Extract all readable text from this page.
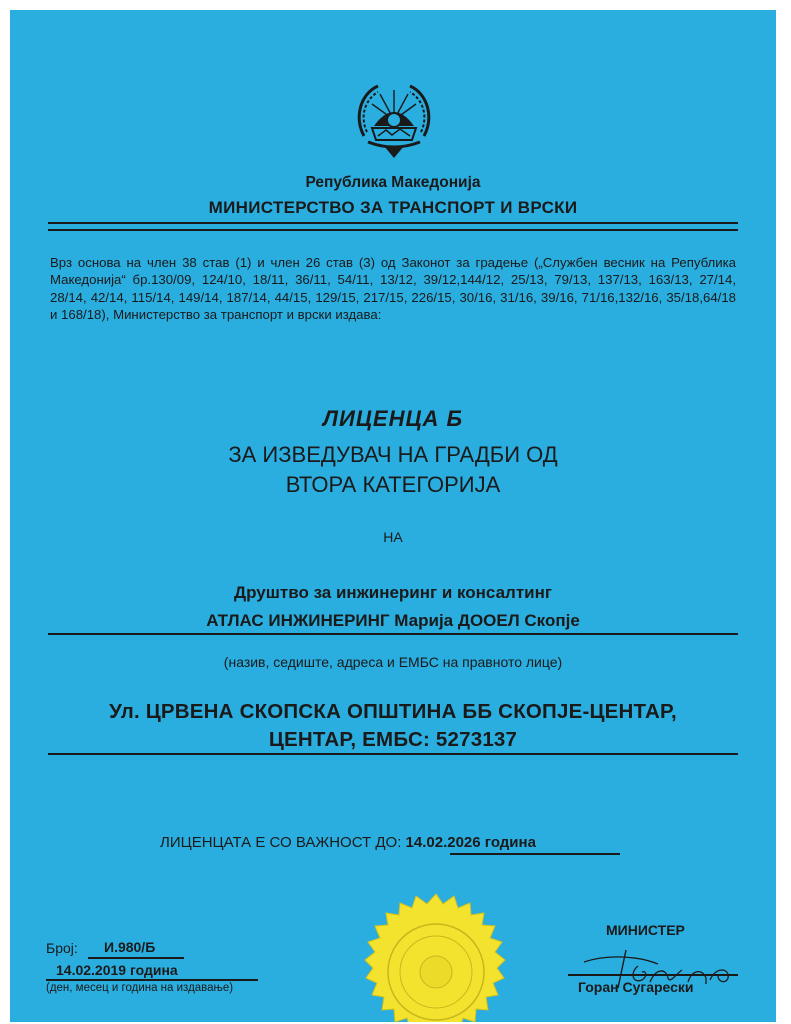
Република Македонија
МИНИСТЕРСТВО ЗА ТРАНСПОРТ И ВРСКИ
Врз основа на член 38 став (1) и член 26 став (3) од Законот за градење („Службен весник на Република Македонија“ бр.130/09, 124/10, 18/11, 36/11, 54/11, 13/12, 39/12,144/12, 25/13, 79/13, 137/13, 163/13, 27/14, 28/14, 42/14, 115/14, 149/14, 187/14, 44/15, 129/15, 217/15, 226/15, 30/16, 31/16, 39/16, 71/16,132/16, 35/18,64/18 и 168/18), Министерство за транспорт и врски издава:
ЛИЦЕНЦА Б
ЗА ИЗВЕДУВАЧ НА ГРАДБИ ОД
ВТОРА КАТЕГОРИЈА
НА
Друштво за инжинеринг и консалтинг
АТЛАС ИНЖИНЕРИНГ Марија ДООЕЛ Скопје
(назив, седиште, адреса и ЕМБС на правното лице)
Ул. ЦРВЕНА СКОПСКА ОПШТИНА ББ СКОПЈЕ-ЦЕНТАР,
ЦЕНТАР, ЕМБС: 5273137
ЛИЦЕНЦАТА Е СО ВАЖНОСТ ДО: 14.02.2026 година
Број: И.980/Б
14.02.2019 година
(ден, месец и година на издавање)
МИНИСТЕР
Горан Сугарески
